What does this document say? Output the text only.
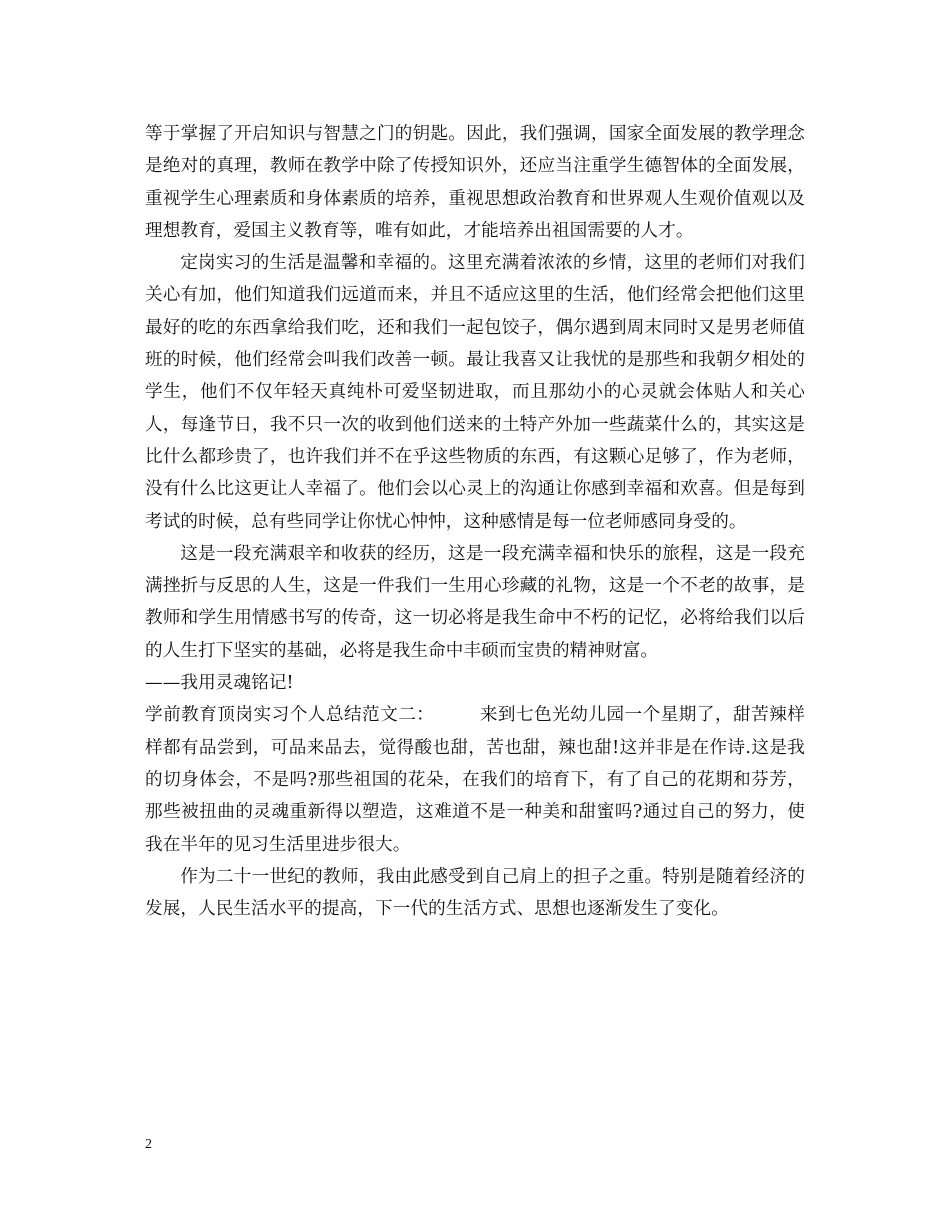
等于掌握了开启知识与智慧之门的钥匙。因此，我们强调，国家全面发展的教学理念是绝对的真理，教师在教学中除了传授知识外，还应当注重学生德智体的全面发展，重视学生心理素质和身体素质的培养，重视思想政治教育和世界观人生观价值观以及理想教育，爱国主义教育等，唯有如此，才能培养出祖国需要的人才。

定岗实习的生活是温馨和幸福的。这里充满着浓浓的乡情，这里的老师们对我们关心有加，他们知道我们远道而来，并且不适应这里的生活，他们经常会把他们这里最好的吃的东西拿给我们吃，还和我们一起包饺子，偶尔遇到周末同时又是男老师值班的时候，他们经常会叫我们改善一顿。最让我喜又让我忧的是那些和我朝夕相处的学生，他们不仅年轻天真纯朴可爱坚韧进取，而且那幼小的心灵就会体贴人和关心人，每逢节日，我不只一次的收到他们送来的土特产外加一些蔬菜什么的，其实这是比什么都珍贵了，也许我们并不在乎这些物质的东西，有这颗心足够了，作为老师，没有什么比这更让人幸福了。他们会以心灵上的沟通让你感到幸福和欢喜。但是每到考试的时候，总有些同学让你忧心忡忡，这种感情是每一位老师感同身受的。

这是一段充满艰辛和收获的经历，这是一段充满幸福和快乐的旅程，这是一段充满挫折与反思的人生，这是一件我们一生用心珍藏的礼物，这是一个不老的故事，是教师和学生用情感书写的传奇，这一切必将是我生命中不朽的记忆，必将给我们以后的人生打下坚实的基础，必将是我生命中丰硕而宝贵的精神财富。

——我用灵魂铭记!

学前教育顶岗实习个人总结范文二：　　　来到七色光幼儿园一个星期了，甜苦辣样样都有品尝到，可品来品去，觉得酸也甜，苦也甜，辣也甜!这并非是在作诗.这是我的切身体会，不是吗?那些祖国的花朵，在我们的培育下，有了自己的花期和芬芳，那些被扭曲的灵魂重新得以塑造，这难道不是一种美和甜蜜吗?通过自己的努力，使我在半年的见习生活里进步很大。

作为二十一世纪的教师，我由此感受到自己肩上的担子之重。特别是随着经济的发展，人民生活水平的提高，下一代的生活方式、思想也逐渐发生了变化。

2
